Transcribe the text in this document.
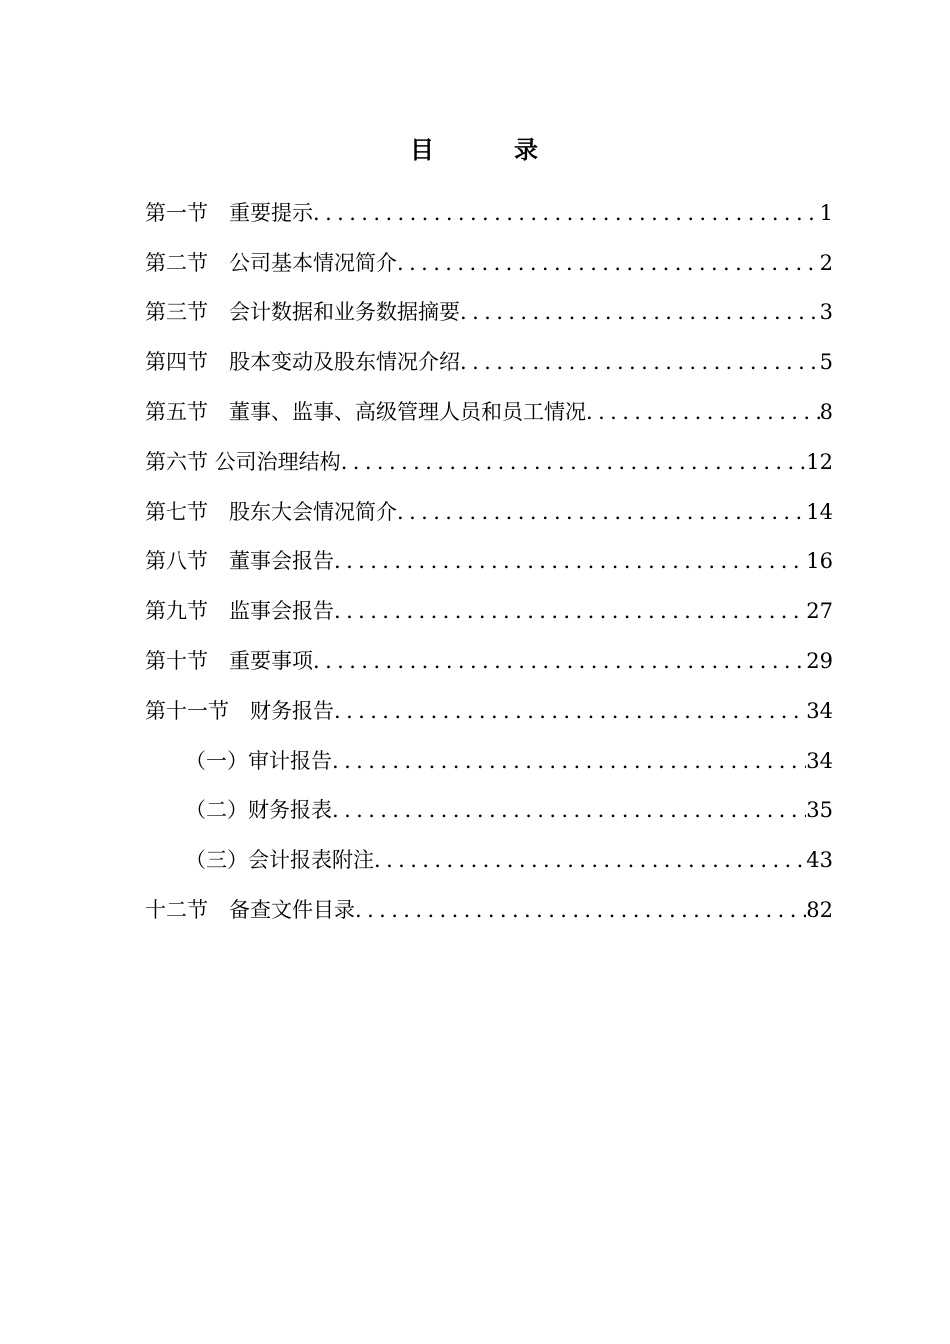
目　　　录
第一节　重要提示 .....	1
第二节　公司基本情况简介 .....	2
第三节　会计数据和业务数据摘要 .....	3
第四节　股本变动及股东情况介绍 .....	5
第五节　董事、监事、高级管理人员和员工情况 .....	8
第六节 公司治理结构 .....	12
第七节　股东大会情况简介 .....	14
第八节　董事会报告 .....	16
第九节　监事会报告 .....	27
第十节　重要事项 .....	29
第十一节　财务报告 .....	34
（一）审计报告 .....	34
（二）财务报表 .....	35
（三）会计报表附注 .....	43
十二节　备查文件目录 .....	82
